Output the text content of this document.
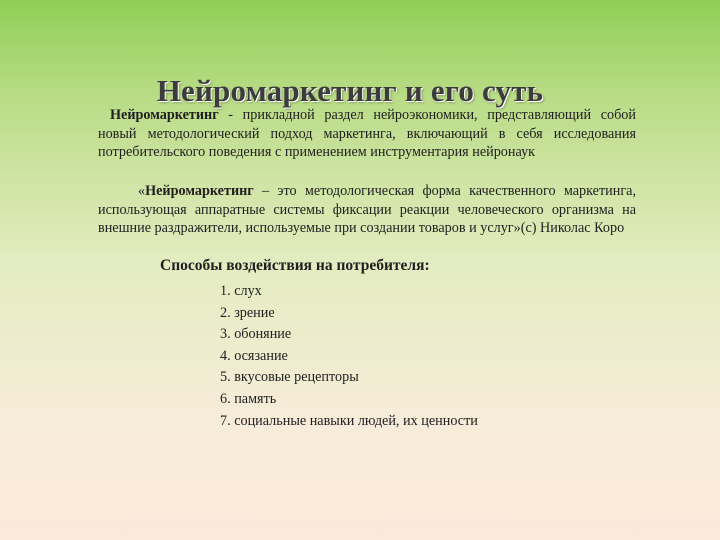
Нейромаркетинг и его суть

Нейромаркетинг - прикладной раздел нейроэкономики, представляющий собой новый методологический подход маркетинга, включающий в себя исследования потребительского поведения с применением инструментария нейронаук

«Нейромаркетинг – это методологическая форма качественного маркетинга, использующая аппаратные системы фиксации реакции человеческого организма на внешние раздражители, используемые при создании товаров и услуг»(с) Николас Коро

Способы воздействия на потребителя:
1. слух
2. зрение
3. обоняние
4. осязание
5. вкусовые рецепторы
6. память
7. социальные навыки людей, их ценности
